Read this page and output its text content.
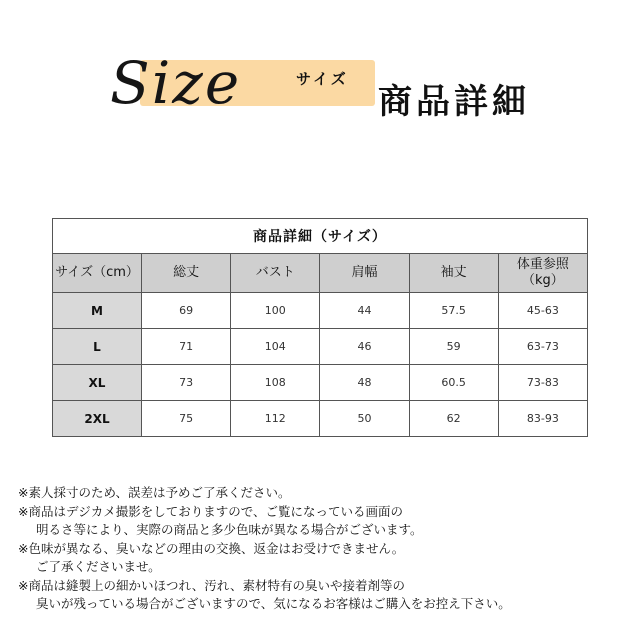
Size	サイズ
商品詳細
商品詳細（サイズ）					
サイズ（cm）	総丈	バスト	肩幅	袖丈	体重参照
（kg）
M	69	100	44	57.5	45-63
L	71	104	46	59	63-73
XL	73	108	48	60.5	73-83
2XL	75	112	50	62	83-93
※素人採寸のため、誤差は予めご了承ください。
※商品はデジカメ撮影をしておりますので、ご覧になっている画面の
明るさ等により、実際の商品と多少色味が異なる場合がございます。
※色味が異なる、臭いなどの理由の交換、返金はお受けできません。
ご了承くださいませ。
※商品は縫製上の細かいほつれ、汚れ、素材特有の臭いや接着剤等の
臭いが残っている場合がございますので、気になるお客様はご購入をお控え下さい。
